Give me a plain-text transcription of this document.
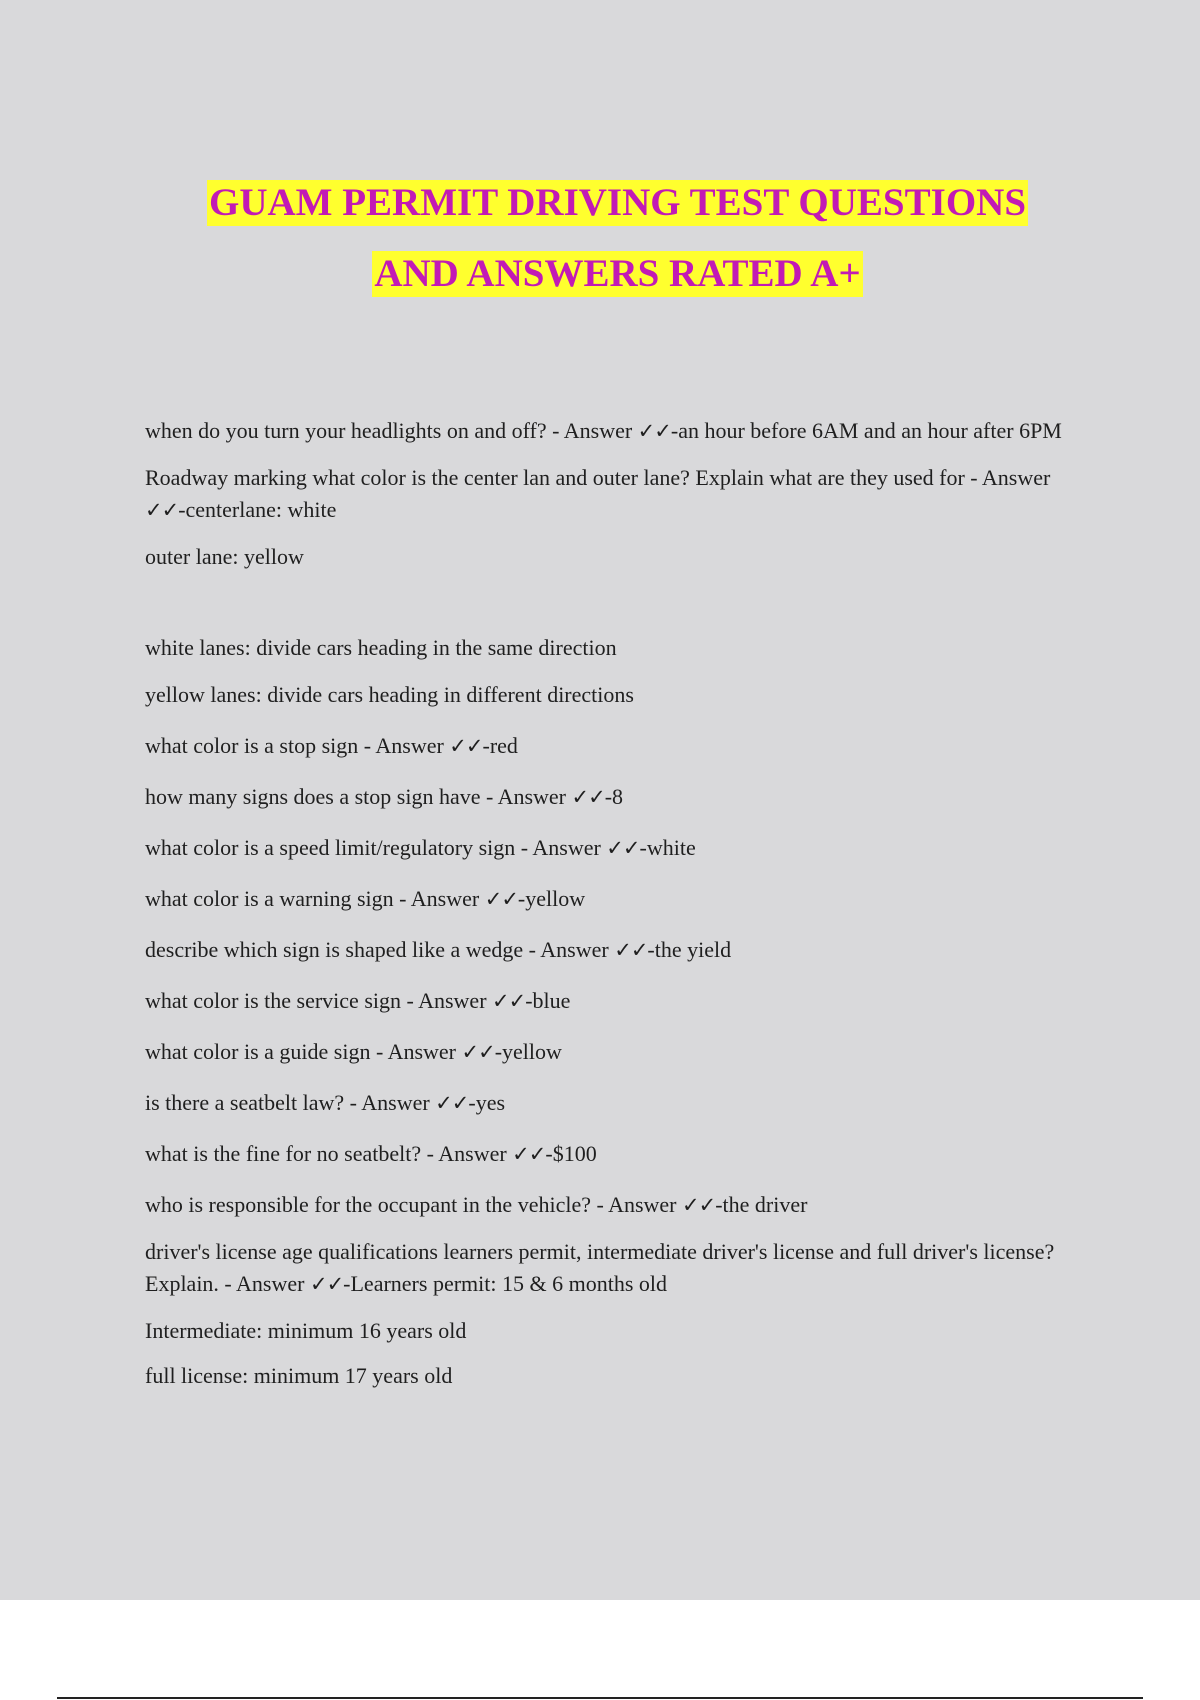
GUAM PERMIT DRIVING TEST QUESTIONS
AND ANSWERS RATED A+

when do you turn your headlights on and off? - Answer ✓✓-an hour before 6AM and an hour after 6PM

Roadway marking what color is the center lan and outer lane? Explain what are they used for - Answer ✓✓-centerlane: white

outer lane: yellow

white lanes: divide cars heading in the same direction

yellow lanes: divide cars heading in different directions

what color is a stop sign - Answer ✓✓-red

how many signs does a stop sign have - Answer ✓✓-8

what color is a speed limit/regulatory sign - Answer ✓✓-white

what color is a warning sign - Answer ✓✓-yellow

describe which sign is shaped like a wedge - Answer ✓✓-the yield

what color is the service sign - Answer ✓✓-blue

what color is a guide sign - Answer ✓✓-yellow

is there a seatbelt law? - Answer ✓✓-yes

what is the fine for no seatbelt? - Answer ✓✓-$100

who is responsible for the occupant in the vehicle? - Answer ✓✓-the driver

driver's license age qualifications learners permit, intermediate driver's license and full driver's license? Explain. - Answer ✓✓-Learners permit: 15 & 6 months old

Intermediate: minimum 16 years old

full license: minimum 17 years old
